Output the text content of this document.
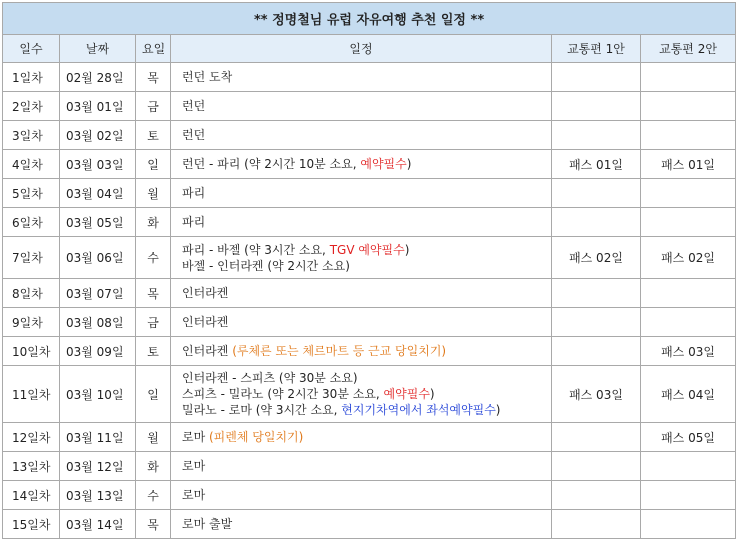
** 정명철님 유럽 자유여행 추천 일정 **					
일수	날짜	요일	일정	교통편 1안	교통편 2안
1일차	02월 28일	목	런던 도착		

2일차	03월 01일	금	런던		

3일차	03월 02일	토	런던		

4일차	03월 03일	일	런던 - 파리 (약 2시간 10분 소요, 예약필수)	패스 01일	패스 01일
5일차	03월 04일	월	파리		

6일차	03월 05일	화	파리		

7일차	03월 06일	수	파리 - 바젤 (약 3시간 소요, TGV 예약필수)
바젤 - 인터라켄 (약 2시간 소요)	패스 02일	패스 02일
8일차	03월 07일	목	인터라켄		

9일차	03월 08일	금	인터라켄		

10일차	03월 09일	토	인터라켄 (루체른 또는 체르마트 등 근교 당일치기)		패스 03일
11일차	03월 10일	일	인터라켄 - 스피츠 (약 30분 소요)
스피츠 - 밀라노 (약 2시간 30분 소요, 예약필수)
밀라노 - 로마 (약 3시간 소요, 현지기차역에서 좌석예약필수)	패스 03일	패스 04일
12일차	03월 11일	월	로마 (피렌체 당일치기)		패스 05일
13일차	03월 12일	화	로마		

14일차	03월 13일	수	로마		

15일차	03월 14일	목	로마 출발		
